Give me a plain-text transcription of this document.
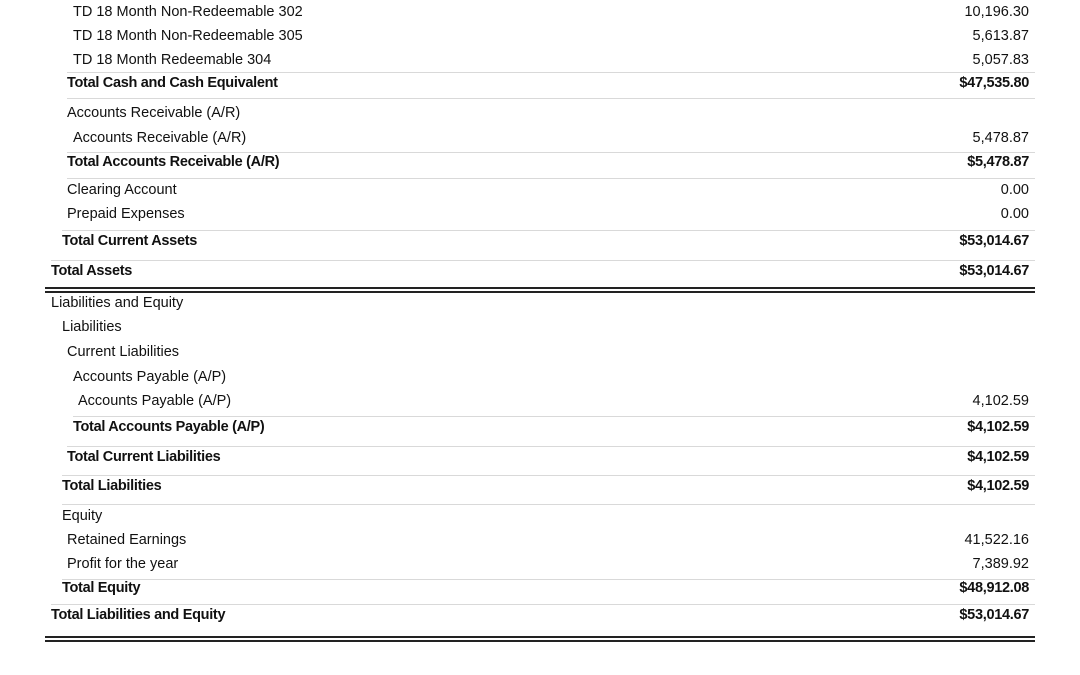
TD 18 Month Non-Redeemable 302	10,196.30
TD 18 Month Non-Redeemable 305	5,613.87
TD 18 Month Redeemable 304	5,057.83
Total Cash and Cash Equivalent	$47,535.80
Accounts Receivable (A/R)
Accounts Receivable (A/R)	5,478.87
Total Accounts Receivable (A/R)	$5,478.87
Clearing Account	0.00
Prepaid Expenses	0.00
Total Current Assets	$53,014.67
Total Assets	$53,014.67
Liabilities and Equity
Liabilities
Current Liabilities
Accounts Payable (A/P)
Accounts Payable (A/P)	4,102.59
Total Accounts Payable (A/P)	$4,102.59
Total Current Liabilities	$4,102.59
Total Liabilities	$4,102.59
Equity
Retained Earnings	41,522.16
Profit for the year	7,389.92
Total Equity	$48,912.08
Total Liabilities and Equity	$53,014.67
